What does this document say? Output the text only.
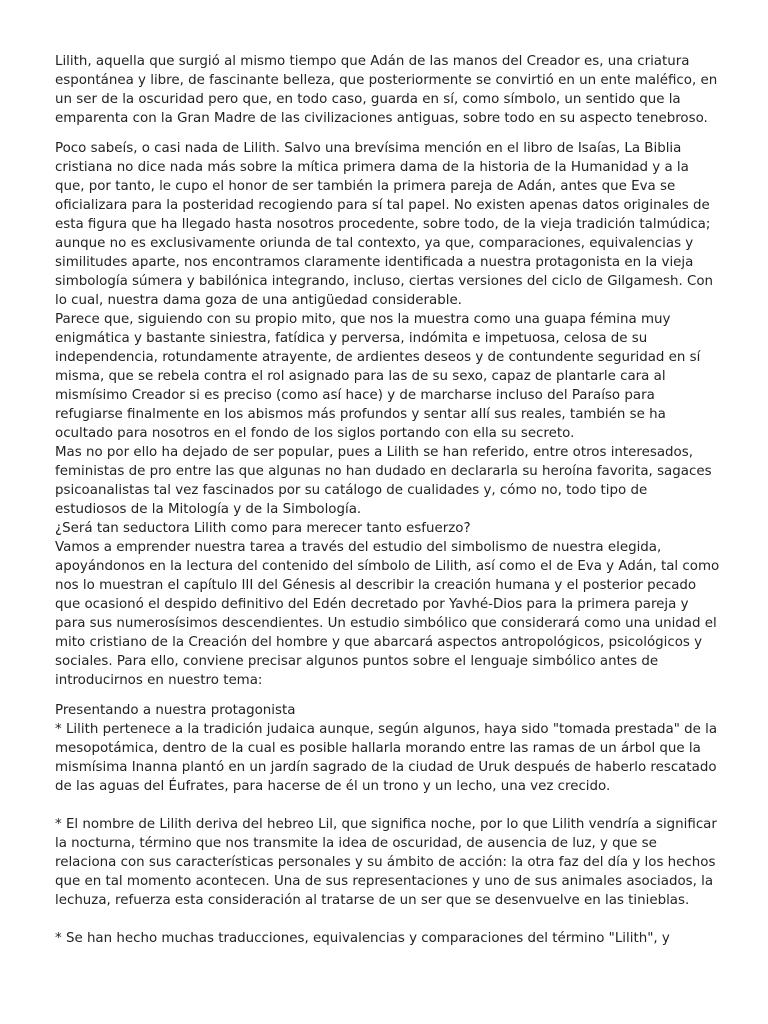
Lilith, aquella que surgió al mismo tiempo que Adán de las manos del Creador es, una criatura espontánea y libre, de fascinante belleza, que posteriormente se convirtió en un ente maléfico, en un ser de la oscuridad pero que, en todo caso, guarda en sí, como símbolo, un sentido que la emparenta con la Gran Madre de las civilizaciones antiguas, sobre todo en su aspecto tenebroso.

Poco sabeís, o casi nada de Lilith. Salvo una brevísima mención en el libro de Isaías, La Biblia cristiana no dice nada más sobre la mítica primera dama de la historia de la Humanidad y a la que, por tanto, le cupo el honor de ser también la primera pareja de Adán, antes que Eva se oficializara para la posteridad recogiendo para sí tal papel. No existen apenas datos originales de esta figura que ha llegado hasta nosotros procedente, sobre todo, de la vieja tradición talmúdica; aunque no es exclusivamente oriunda de tal contexto, ya que, comparaciones, equivalencias y similitudes aparte, nos encontramos claramente identificada a nuestra protagonista en la vieja simbología súmera y babilónica integrando, incluso, ciertas versiones del ciclo de Gilgamesh. Con lo cual, nuestra dama goza de una antigüedad considerable.

Parece que, siguiendo con su propio mito, que nos la muestra como una guapa fémina muy enigmática y bastante siniestra, fatídica y perversa, indómita e impetuosa, celosa de su independencia, rotundamente atrayente, de ardientes deseos y de contundente seguridad en sí misma, que se rebela contra el rol asignado para las de su sexo, capaz de plantarle cara al mismísimo Creador si es preciso (como así hace) y de marcharse incluso del Paraíso para refugiarse finalmente en los abismos más profundos y sentar allí sus reales, también se ha ocultado para nosotros en el fondo de los siglos portando con ella su secreto.

Mas no por ello ha dejado de ser popular, pues a Lilith se han referido, entre otros interesados, feministas de pro entre las que algunas no han dudado en declararla su heroína favorita, sagaces psicoanalistas tal vez fascinados por su catálogo de cualidades y, cómo no, todo tipo de estudiosos de la Mitología y de la Simbología.

¿Será tan seductora Lilith como para merecer tanto esfuerzo?

Vamos a emprender nuestra tarea a través del estudio del simbolismo de nuestra elegida, apoyándonos en la lectura del contenido del símbolo de Lilith, así como el de Eva y Adán, tal como nos lo muestran el capítulo III del Génesis al describir la creación humana y el posterior pecado que ocasionó el despido definitivo del Edén decretado por Yavhé-Dios para la primera pareja y para sus numerosísimos descendientes. Un estudio simbólico que considerará como una unidad el mito cristiano de la Creación del hombre y que abarcará aspectos antropológicos, psicológicos y sociales. Para ello, conviene precisar algunos puntos sobre el lenguaje simbólico antes de introducirnos en nuestro tema:

Presentando a nuestra protagonista

* Lilith pertenece a la tradición judaica aunque, según algunos, haya sido "tomada prestada" de la mesopotámica, dentro de la cual es posible hallarla morando entre las ramas de un árbol que la mismísima Inanna plantó en un jardín sagrado de la ciudad de Uruk después de haberlo rescatado de las aguas del Éufrates, para hacerse de él un trono y un lecho, una vez crecido.

* El nombre de Lilith deriva del hebreo Lil, que significa noche, por lo que Lilith vendría a significar la nocturna, término que nos transmite la idea de oscuridad, de ausencia de luz, y que se relaciona con sus características personales y su ámbito de acción: la otra faz del día y los hechos que en tal momento acontecen. Una de sus representaciones y uno de sus animales asociados, la lechuza, refuerza esta consideración al tratarse de un ser que se desenvuelve en las tinieblas.

* Se han hecho muchas traducciones, equivalencias y comparaciones del término "Lilith", y
